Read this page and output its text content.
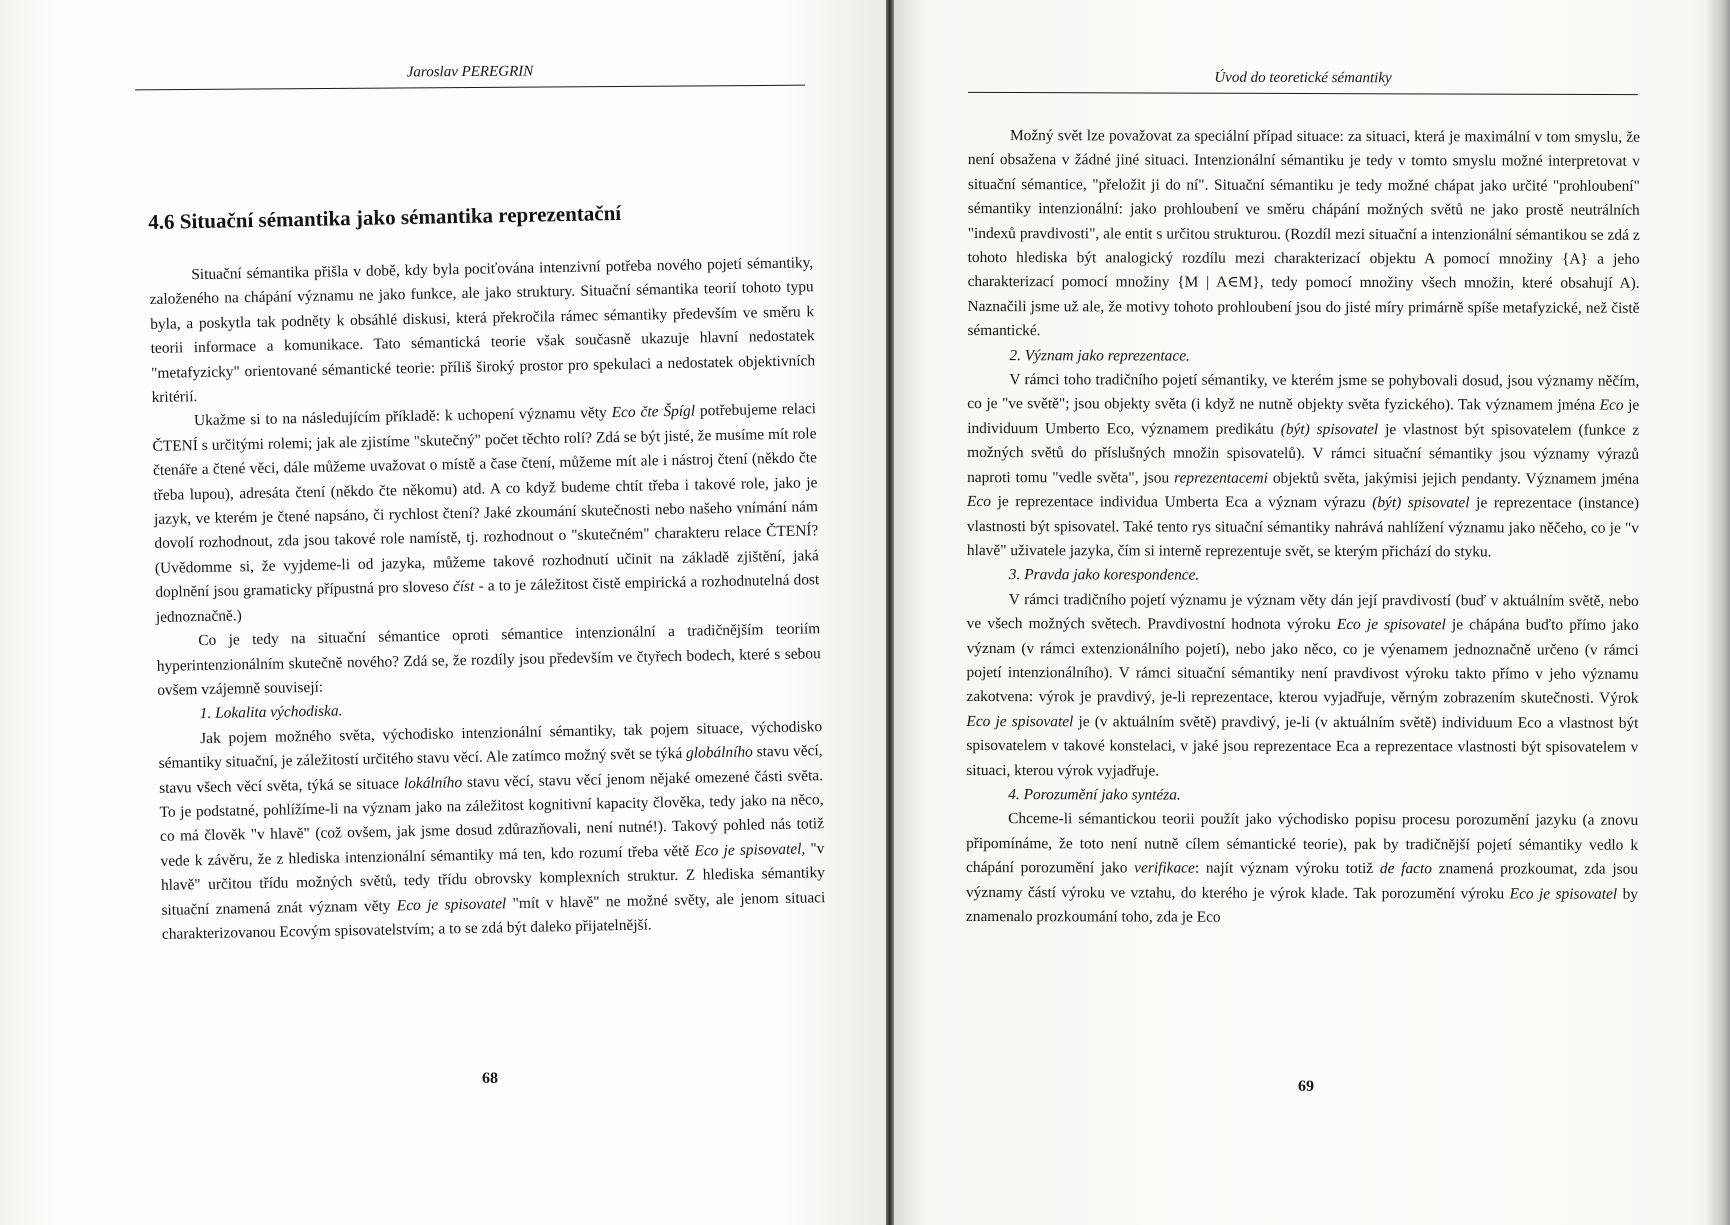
Jaroslav PEREGRIN
4.6 Situační sémantika jako sémantika reprezentační

Situační sémantika přišla v době, kdy byla pociťována intenzivní potřeba nového pojetí sémantiky, založeného na chápání významu ne jako funkce, ale jako struktury. Situační sémantika teorií tohoto typu byla, a poskytla tak podněty k obsáhlé diskusi, která překročila rámec sémantiky především ve směru k teorii informace a komunikace. Tato sémantická teorie však současně ukazuje hlavní nedostatek "metafyzicky" orientované sémantické teorie: příliš široký prostor pro spekulaci a nedostatek objektivních kritérií.

Ukažme si to na následujícím příkladě: k uchopení významu věty Eco čte Špígl potřebujeme relaci ČTENÍ s určitými rolemi; jak ale zjistíme "skutečný" počet těchto rolí? Zdá se být jisté, že musíme mít role čtenáře a čtené věci, dále můžeme uvažovat o místě a čase čtení, můžeme mít ale i nástroj čtení (někdo čte třeba lupou), adresáta čtení (někdo čte někomu) atd. A co když budeme chtít třeba i takové role, jako je jazyk, ve kterém je čtené napsáno, či rychlost čtení? Jaké zkoumání skutečnosti nebo našeho vnímání nám dovolí rozhodnout, zda jsou takové role namístě, tj. rozhodnout o "skutečném" charakteru relace ČTENÍ? (Uvědomme si, že vyjdeme-li od jazyka, můžeme takové rozhodnutí učinit na základě zjištění, jaká doplnění jsou gramaticky přípustná pro sloveso číst - a to je záležitost čistě empirická a rozhodnutelná dost jednoznačně.)

Co je tedy na situační sémantice oproti sémantice intenzionální a tradičnějším teoriím hyperintenzionálním skutečně nového? Zdá se, že rozdíly jsou především ve čtyřech bodech, které s sebou ovšem vzájemně souvisejí:

1. Lokalita východiska.

Jak pojem možného světa, východisko intenzionální sémantiky, tak pojem situace, východisko sémantiky situační, je záležitostí určitého stavu věcí. Ale zatímco možný svět se týká globálního stavu věcí, stavu všech věcí světa, týká se situace lokálního stavu věcí, stavu věcí jenom nějaké omezené části světa. To je podstatné, pohlížíme-li na význam jako na záležitost kognitivní kapacity člověka, tedy jako na něco, co má člověk "v hlavě" (což ovšem, jak jsme dosud zdůrazňovali, není nutné!). Takový pohled nás totiž vede k závěru, že z hlediska intenzionální sémantiky má ten, kdo rozumí třeba větě Eco je spisovatel, "v hlavě" určitou třídu možných světů, tedy třídu obrovsky komplexních struktur. Z hlediska sémantiky situační znamená znát význam věty Eco je spisovatel "mít v hlavě" ne možné světy, ale jenom situaci charakterizovanou Ecovým spisovatelstvím; a to se zdá být daleko přijatelnější.

68
Úvod do teoretické sémantiky

Možný svět lze považovat za speciální případ situace: za situaci, která je maximální v tom smyslu, že není obsažena v žádné jiné situaci. Intenzionální sémantiku je tedy v tomto smyslu možné interpretovat v situační sémantice, "přeložit ji do ní". Situační sémantiku je tedy možné chápat jako určité "prohloubení" sémantiky intenzionální: jako prohloubení ve směru chápání možných světů ne jako prostě neutrálních "indexů pravdivosti", ale entit s určitou strukturou. (Rozdíl mezi situační a intenzionální sémantikou se zdá z tohoto hlediska být analogický rozdílu mezi charakterizací objektu A pomocí množiny {A} a jeho charakterizací pomocí množiny {M | A∈M}, tedy pomocí množiny všech množin, které obsahují A). Naznačili jsme už ale, že motivy tohoto prohloubení jsou do jisté míry primárně spíše metafyzické, než čistě sémantické.

2. Význam jako reprezentace.

V rámci toho tradičního pojetí sémantiky, ve kterém jsme se pohybovali dosud, jsou významy něčím, co je "ve světě"; jsou objekty světa (i když ne nutně objekty světa fyzického). Tak významem jména Eco je individuum Umberto Eco, významem predikátu (být) spisovatel je vlastnost být spisovatelem (funkce z možných světů do příslušných množin spisovatelů). V rámci situační sémantiky jsou významy výrazů naproti tomu "vedle světa", jsou reprezentacemi objektů světa, jakýmisi jejich pendanty. Významem jména Eco je reprezentace individua Umberta Eca a význam výrazu (být) spisovatel je reprezentace (instance) vlastnosti být spisovatel. Také tento rys situační sémantiky nahrává nahlížení významu jako něčeho, co je "v hlavě" uživatele jazyka, čím si interně reprezentuje svět, se kterým přichází do styku.

3. Pravda jako korespondence.

V rámci tradičního pojetí významu je význam věty dán její pravdivostí (buď v aktuálním světě, nebo ve všech možných světech. Pravdivostní hodnota výroku Eco je spisovatel je chápána buďto přímo jako význam (v rámci extenzionálního pojetí), nebo jako něco, co je výenamem jednoznačně určeno (v rámci pojetí intenzionálního). V rámci situační sémantiky není pravdivost výroku takto přímo v jeho významu zakotvena: výrok je pravdivý, je-li reprezentace, kterou vyjadřuje, věrným zobrazením skutečnosti. Výrok Eco je spisovatel je (v aktuálním světě) pravdivý, je-li (v aktuálním světě) individuum Eco a vlastnost být spisovatelem v takové konstelaci, v jaké jsou reprezentace Eca a reprezentace vlastnosti být spisovatelem v situaci, kterou výrok vyjadřuje.

4. Porozumění jako syntéza.

Chceme-li sémantickou teorii použít jako východisko popisu procesu porozumění jazyku (a znovu připomínáme, že toto není nutně cílem sémantické teorie), pak by tradičnější pojetí sémantiky vedlo k chápání porozumění jako verifikace: najít význam výroku totiž de facto znamená prozkoumat, zda jsou významy částí výroku ve vztahu, do kterého je výrok klade. Tak porozumění výroku Eco je spisovatel by znamenalo prozkoumání toho, zda je Eco

69
